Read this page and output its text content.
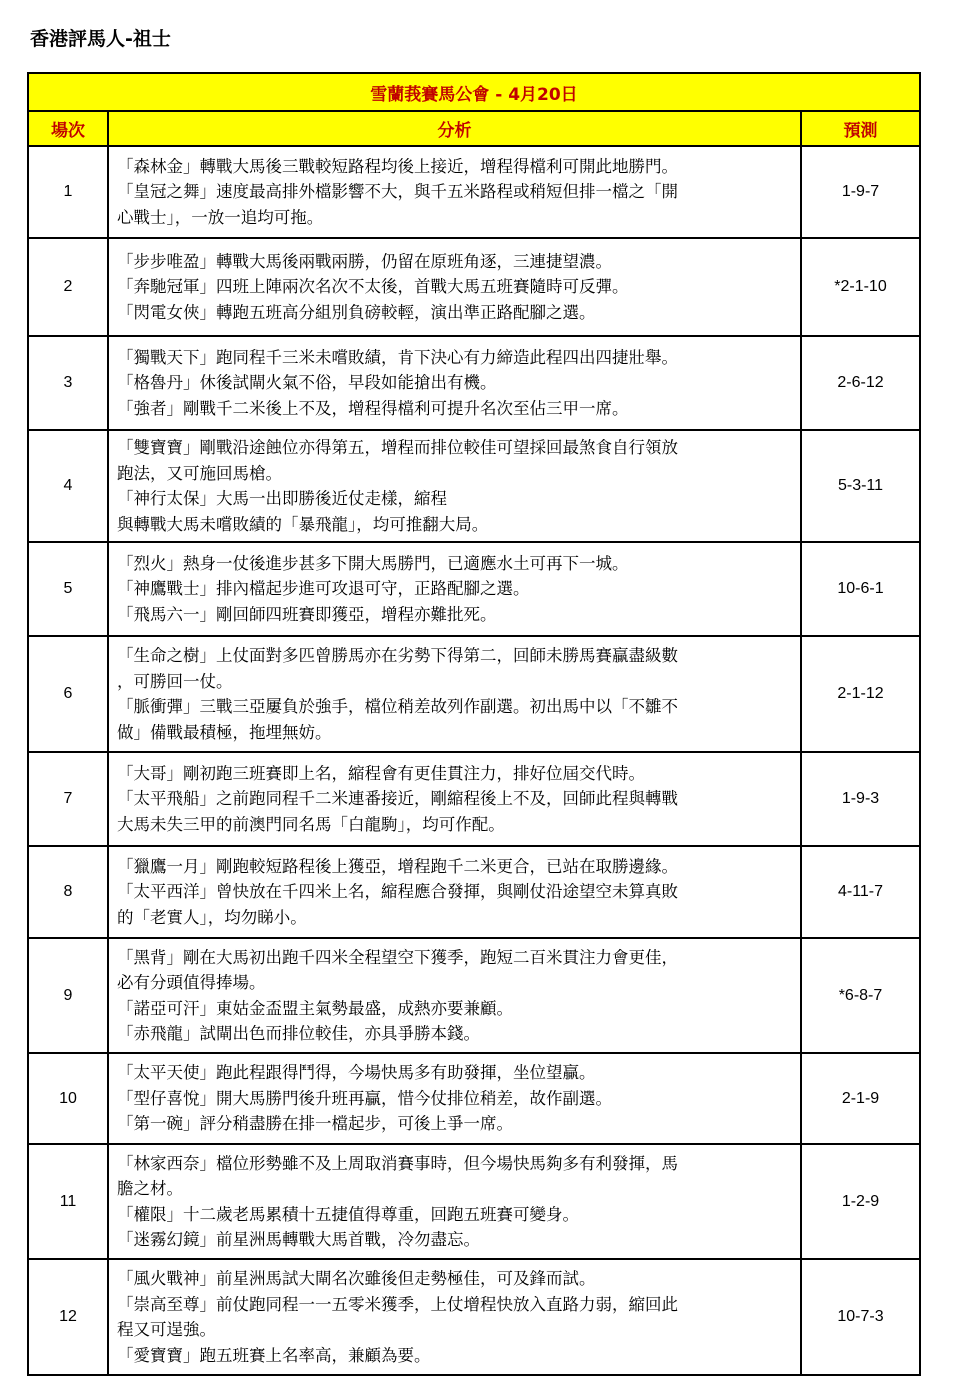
香港評馬人-祖士
雪蘭莪賽馬公會 - 4月20日		
場次	分析	預測
1	「森林金」轉戰大馬後三戰較短路程均後上接近，增程得檔利可開此地勝門。
「皇冠之舞」速度最高排外檔影響不大，與千五米路程或稍短但排一檔之「開
心戰士」，一放一追均可拖。	1-9-7
2	「步步唯盈」轉戰大馬後兩戰兩勝，仍留在原班角逐，三連捷望濃。
「奔馳冠軍」四班上陣兩次名次不太後，首戰大馬五班賽隨時可反彈。
「閃電女俠」轉跑五班高分組別負磅較輕，演出準正路配腳之選。	*2-1-10
3	「獨戰天下」跑同程千三米未嚐敗績，肯下決心有力締造此程四出四捷壯舉。
「格魯丹」休後試閘火氣不俗，早段如能搶出有機。
「強者」剛戰千二米後上不及，增程得檔利可提升名次至佔三甲一席。	2-6-12
4	「雙寶寶」剛戰沿途蝕位亦得第五，增程而排位較佳可望採回最煞食自行領放
跑法，又可施回馬槍。
「神行太保」大馬一出即勝後近仗走樣，縮程
與轉戰大馬未嚐敗績的「暴飛龍」，均可推翻大局。	5-3-11
5	「烈火」熱身一仗後進步甚多下開大馬勝門，已適應水土可再下一城。
「神鷹戰士」排內檔起步進可攻退可守，正路配腳之選。
「飛馬六一」剛回師四班賽即獲亞，增程亦難批死。	10-6-1
6	「生命之樹」上仗面對多匹曾勝馬亦在劣勢下得第二，回師未勝馬賽贏盡級數
，可勝回一仗。
「脈衝彈」三戰三亞屢負於強手，檔位稍差故列作副選。初出馬中以「不雛不
做」備戰最積極，拖埋無妨。	2-1-12
7	「大哥」剛初跑三班賽即上名，縮程會有更佳貫注力，排好位屆交代時。
「太平飛船」之前跑同程千二米連番接近，剛縮程後上不及，回師此程與轉戰
大馬未失三甲的前澳門同名馬「白龍駒」，均可作配。	1-9-3
8	「獵鷹一月」剛跑較短路程後上獲亞，增程跑千二米更合，已站在取勝邊緣。
「太平西洋」曾快放在千四米上名，縮程應合發揮，與剛仗沿途望空未算真敗
的「老實人」，均勿睇小。	4-11-7
9	「黑背」剛在大馬初出跑千四米全程望空下獲季，跑短二百米貫注力會更佳，
必有分頭值得捧場。
「諾亞可汗」東姑金盃盟主氣勢最盛，成熱亦要兼顧。
「赤飛龍」試閘出色而排位較佳，亦具爭勝本錢。	*6-8-7
10	「太平天使」跑此程跟得鬥得，今場快馬多有助發揮，坐位望贏。
「型仔喜悅」開大馬勝門後升班再贏，惜今仗排位稍差，故作副選。
「第一碗」評分稍盡勝在排一檔起步，可後上爭一席。	2-1-9
11	「林家西奈」檔位形勢雖不及上周取消賽事時，但今場快馬夠多有利發揮，馬
膽之材。
「權限」十二歲老馬累積十五捷值得尊重，回跑五班賽可變身。
「迷霧幻鏡」前星洲馬轉戰大馬首戰，冷勿盡忘。	1-2-9
12	「風火戰神」前星洲馬試大閘名次雖後但走勢極佳，可及鋒而試。
「崇高至尊」前仗跑同程一一五零米獲季，上仗增程快放入直路力弱，縮回此
程又可逞強。
「愛寶寶」跑五班賽上名率高，兼顧為要。	10-7-3
